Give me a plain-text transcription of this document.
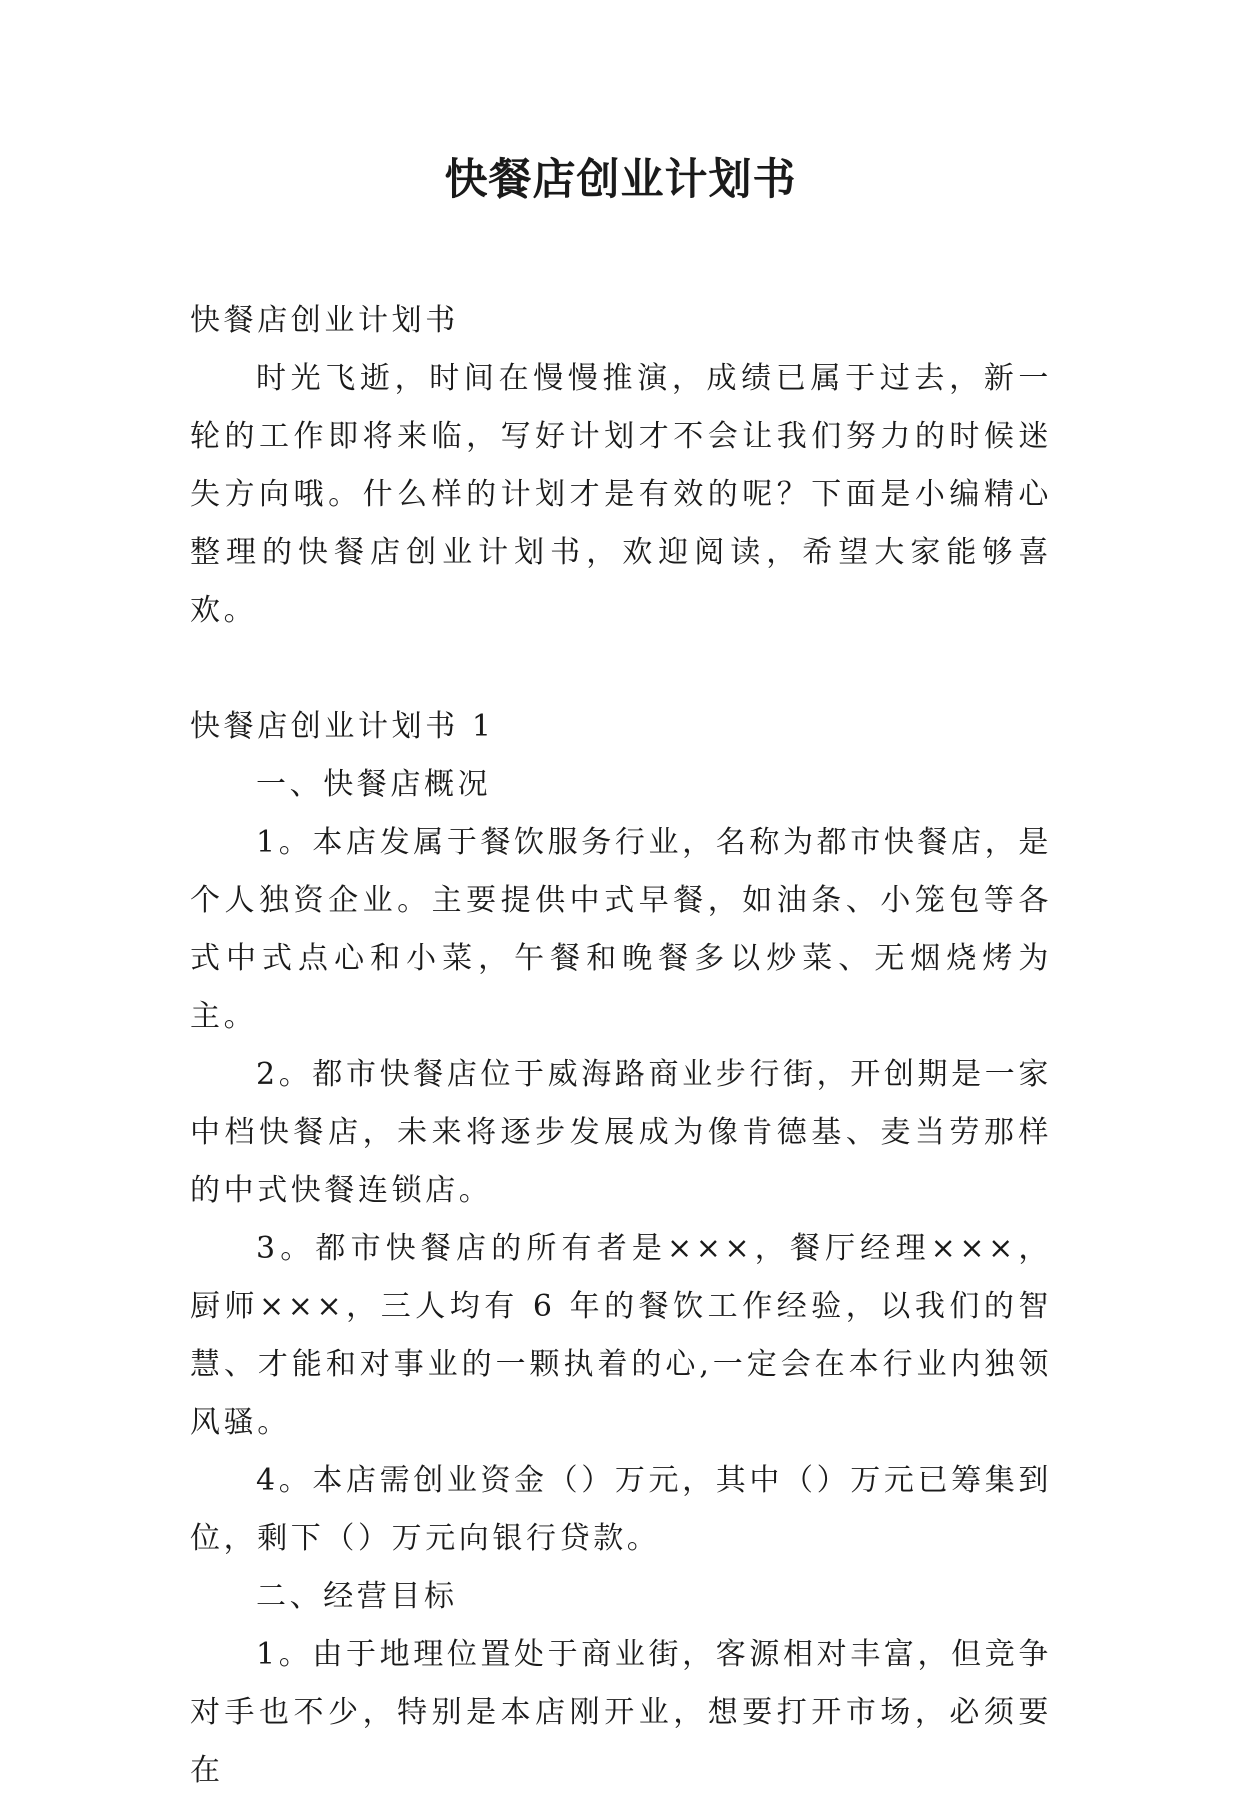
快餐店创业计划书

快餐店创业计划书

时光飞逝，时间在慢慢推演，成绩已属于过去，新一轮的工作即将来临，写好计划才不会让我们努力的时候迷失方向哦。什么样的计划才是有效的呢？下面是小编精心整理的快餐店创业计划书，欢迎阅读，希望大家能够喜欢。

快餐店创业计划书 1

一、快餐店概况

1。本店发属于餐饮服务行业，名称为都市快餐店，是个人独资企业。主要提供中式早餐，如油条、小笼包等各式中式点心和小菜，午餐和晚餐多以炒菜、无烟烧烤为主。

2。都市快餐店位于威海路商业步行街，开创期是一家中档快餐店，未来将逐步发展成为像肯德基、麦当劳那样的中式快餐连锁店。

3。都市快餐店的所有者是×××，餐厅经理×××，厨师×××，三人均有 6 年的餐饮工作经验，以我们的智慧、才能和对事业的一颗执着的心,一定会在本行业内独领风骚。

4。本店需创业资金（）万元，其中（）万元已筹集到位，剩下（）万元向银行贷款。

二、经营目标

1。由于地理位置处于商业街，客源相对丰富，但竞争对手也不少，特别是本店刚开业，想要打开市场，必须要在
